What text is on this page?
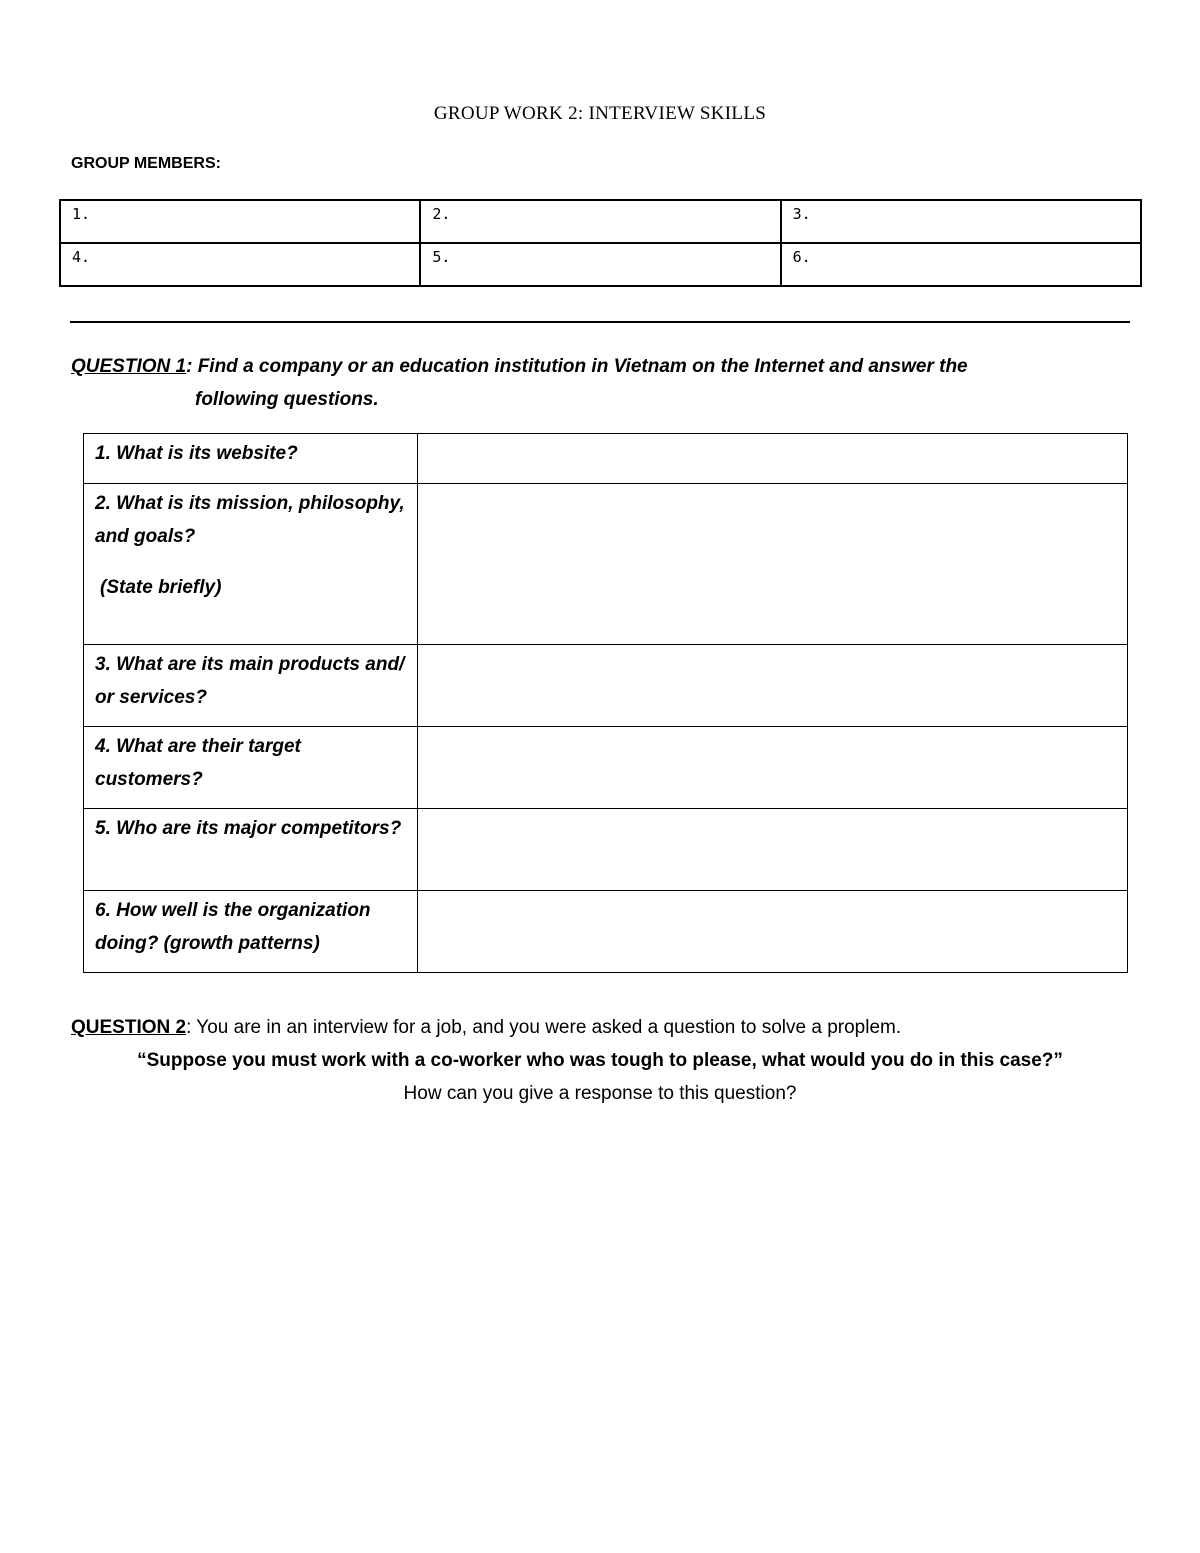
GROUP WORK 2: INTERVIEW SKILLS
GROUP MEMBERS:
1.	2.	3.
4.	5.	6.
QUESTION 1: Find a company or an education institution in Vietnam on the Internet and answer the
following questions.
1. What is its website?	
2. What is its mission, philosophy, and goals?
(State briefly)	

3. What are its main products and/ or services?	
4. What are their target customers?	
5. Who are its major competitors?	
6. How well is the organization doing? (growth patterns)	
QUESTION 2: You are in an interview for a job, and you were asked a question to solve a proplem.
“Suppose you must work with a co-worker who was tough to please, what would you do in this case?”
How can you give a response to this question?
